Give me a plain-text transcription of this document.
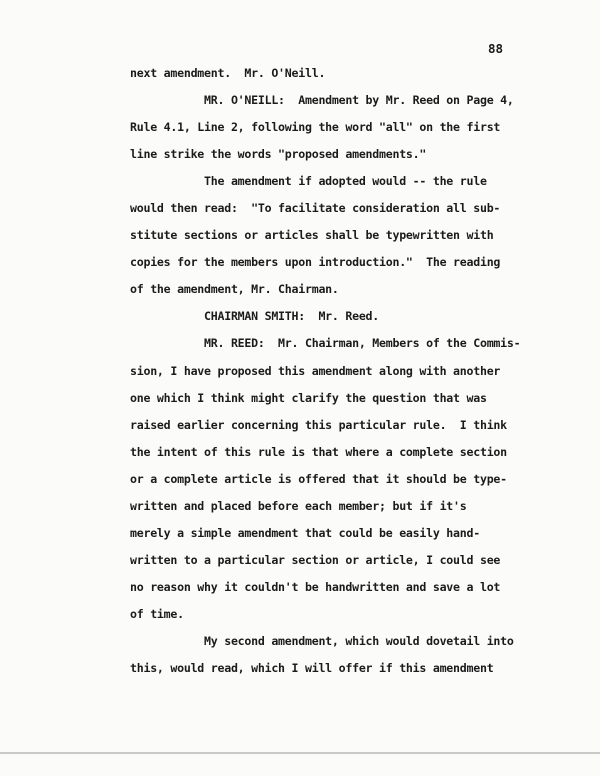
88
next amendment.  Mr. O'Neill.
MR. O'NEILL:  Amendment by Mr. Reed on Page 4,
Rule 4.1, Line 2, following the word "all" on the first
line strike the words "proposed amendments."
The amendment if adopted would -- the rule
would then read:  "To facilitate consideration all sub-
stitute sections or articles shall be typewritten with
copies for the members upon introduction."  The reading
of the amendment, Mr. Chairman.
CHAIRMAN SMITH:  Mr. Reed.
MR. REED:  Mr. Chairman, Members of the Commis-
sion, I have proposed this amendment along with another
one which I think might clarify the question that was
raised earlier concerning this particular rule.  I think
the intent of this rule is that where a complete section
or a complete article is offered that it should be type-
written and placed before each member; but if it's
merely a simple amendment that could be easily hand-
written to a particular section or article, I could see
no reason why it couldn't be handwritten and save a lot
of time.
My second amendment, which would dovetail into
this, would read, which I will offer if this amendment
